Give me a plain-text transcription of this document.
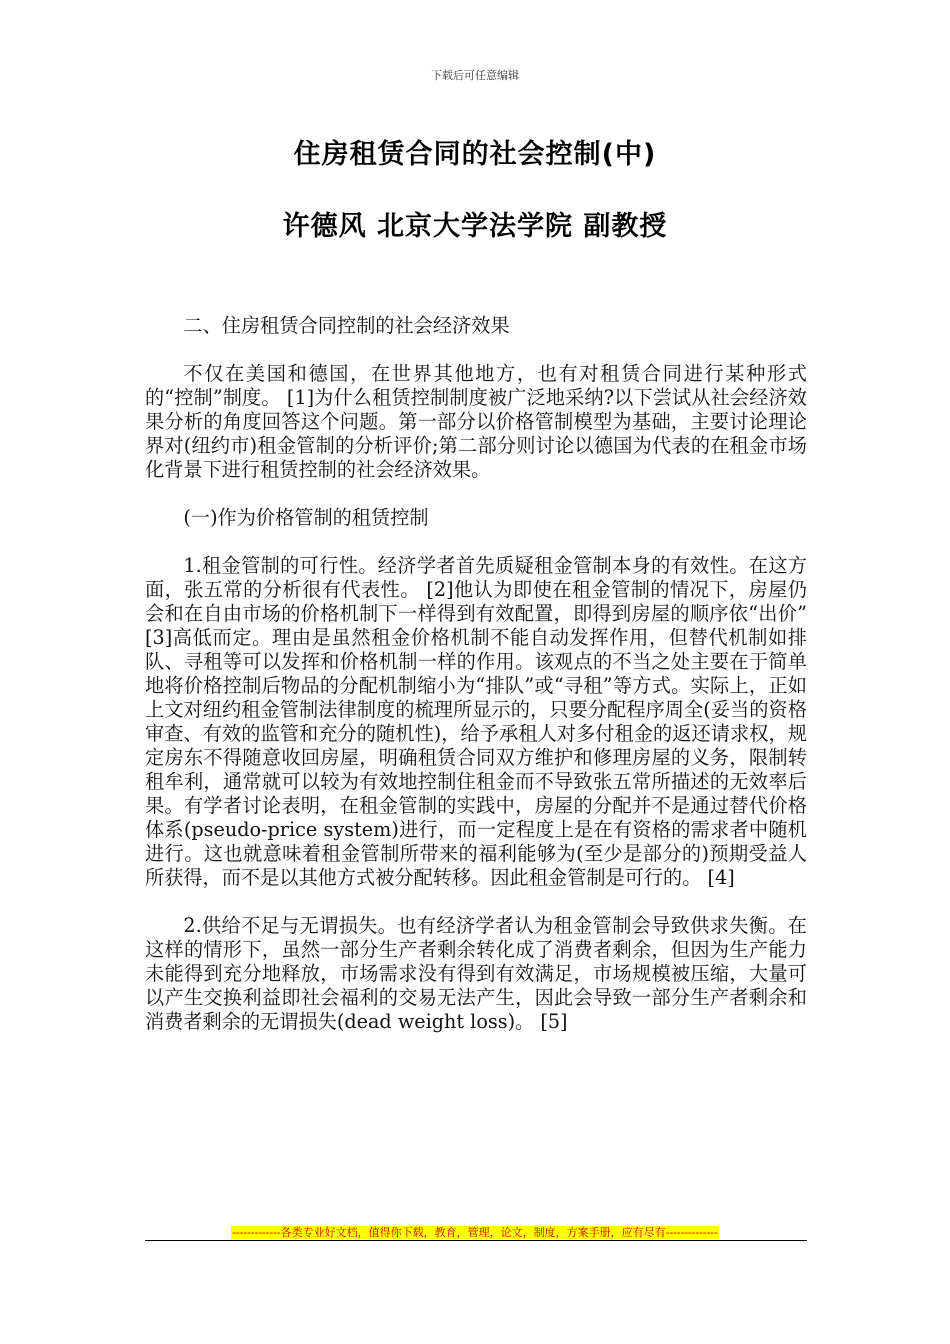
下载后可任意编辑
住房租赁合同的社会控制(中)
许德风 北京大学法学院 副教授

二、住房租赁合同控制的社会经济效果

不仅在美国和德国，在世界其他地方，也有对租赁合同进行某种形式的“控制”制度。 [1]为什么租赁控制制度被广泛地采纳?以下尝试从社会经济效果分析的角度回答这个问题。第一部分以价格管制模型为基础，主要讨论理论界对(纽约市)租金管制的分析评价;第二部分则讨论以德国为代表的在租金市场化背景下进行租赁控制的社会经济效果。

(一)作为价格管制的租赁控制

1.租金管制的可行性。经济学者首先质疑租金管制本身的有效性。在这方面，张五常的分析很有代表性。 [2]他认为即使在租金管制的情况下，房屋仍会和在自由市场的价格机制下一样得到有效配置，即得到房屋的顺序依“出价” [3]高低而定。理由是虽然租金价格机制不能自动发挥作用，但替代机制如排队、寻租等可以发挥和价格机制一样的作用。该观点的不当之处主要在于简单地将价格控制后物品的分配机制缩小为“排队”或“寻租”等方式。实际上，正如上文对纽约租金管制法律制度的梳理所显示的，只要分配程序周全(妥当的资格审查、有效的监管和充分的随机性)，给予承租人对多付租金的返还请求权，规定房东不得随意收回房屋，明确租赁合同双方维护和修理房屋的义务，限制转租牟利，通常就可以较为有效地控制住租金而不导致张五常所描述的无效率后果。有学者讨论表明，在租金管制的实践中，房屋的分配并不是通过替代价格体系(pseudo-price system)进行，而一定程度上是在有资格的需求者中随机进行。这也就意味着租金管制所带来的福利能够为(至少是部分的)预期受益人所获得，而不是以其他方式被分配转移。因此租金管制是可行的。 [4]

2.供给不足与无谓损失。也有经济学者认为租金管制会导致供求失衡。在这样的情形下，虽然一部分生产者剩余转化成了消费者剩余，但因为生产能力未能得到充分地释放，市场需求没有得到有效满足，市场规模被压缩，大量可以产生交换利益即社会福利的交易无法产生，因此会导致一部分生产者剩余和消费者剩余的无谓损失(dead weight loss)。 [5]

-------------各类专业好文档，值得你下载，教育，管理，论文，制度，方案手册，应有尽有--------------
